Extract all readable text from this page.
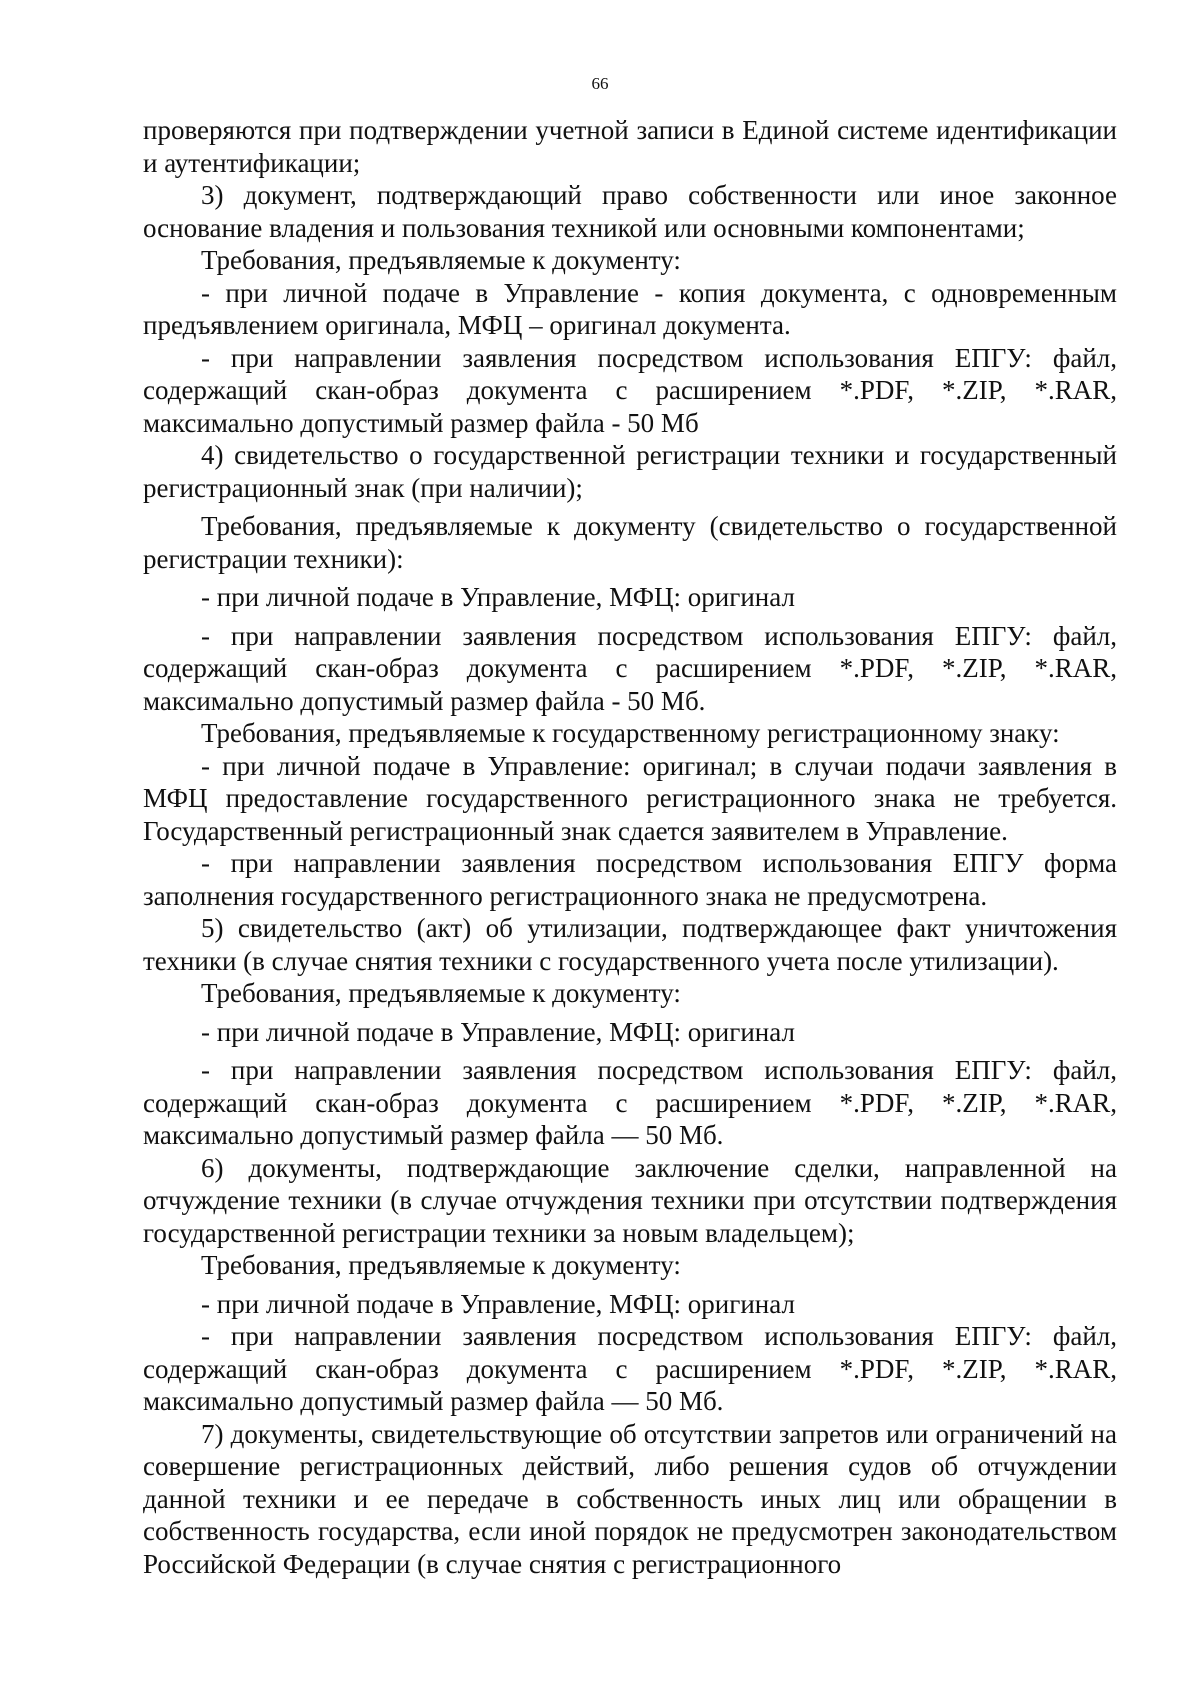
66

проверяются при подтверждении учетной записи в Единой системе идентификации и аутентификации;

3) документ, подтверждающий право собственности или иное законное основание владения и пользования техникой или основными компонентами;

Требования, предъявляемые к документу:

- при личной подаче в Управление - копия документа, с одновременным предъявлением оригинала, МФЦ – оригинал документа.

- при направлении заявления посредством использования ЕПГУ: файл, содержащий скан-образ документа с расширением *.PDF, *.ZIP, *.RAR, максимально допустимый размер файла - 50 Мб

4) свидетельство о государственной регистрации техники и государственный регистрационный знак (при наличии);

Требования, предъявляемые к документу (свидетельство о государственной регистрации техники):

- при личной подаче в Управление, МФЦ: оригинал

- при направлении заявления посредством использования ЕПГУ: файл, содержащий скан-образ документа с расширением *.PDF, *.ZIP, *.RAR, максимально допустимый размер файла - 50 Мб.

Требования, предъявляемые к государственному регистрационному знаку:

- при личной подаче в Управление: оригинал; в случаи подачи заявления в МФЦ предоставление государственного регистрационного знака не требуется. Государственный регистрационный знак сдается заявителем в Управление.

- при направлении заявления посредством использования ЕПГУ форма заполнения государственного регистрационного знака не предусмотрена.

5) свидетельство (акт) об утилизации, подтверждающее факт уничтожения техники (в случае снятия техники с государственного учета после утилизации).

Требования, предъявляемые к документу:

- при личной подаче в Управление, МФЦ: оригинал

- при направлении заявления посредством использования ЕПГУ: файл, содержащий скан-образ документа с расширением *.PDF, *.ZIP, *.RAR, максимально допустимый размер файла — 50 Мб.

6) документы, подтверждающие заключение сделки, направленной на отчуждение техники (в случае отчуждения техники при отсутствии подтверждения государственной регистрации техники за новым владельцем);

Требования, предъявляемые к документу:

- при личной подаче в Управление, МФЦ: оригинал

- при направлении заявления посредством использования ЕПГУ: файл, содержащий скан-образ документа с расширением *.PDF, *.ZIP, *.RAR, максимально допустимый размер файла — 50 Мб.

7) документы, свидетельствующие об отсутствии запретов или ограничений на совершение регистрационных действий, либо решения судов об отчуждении данной техники и ее передаче в собственность иных лиц или обращении в собственность государства, если иной порядок не предусмотрен законодательством Российской Федерации (в случае снятия с регистрационного
